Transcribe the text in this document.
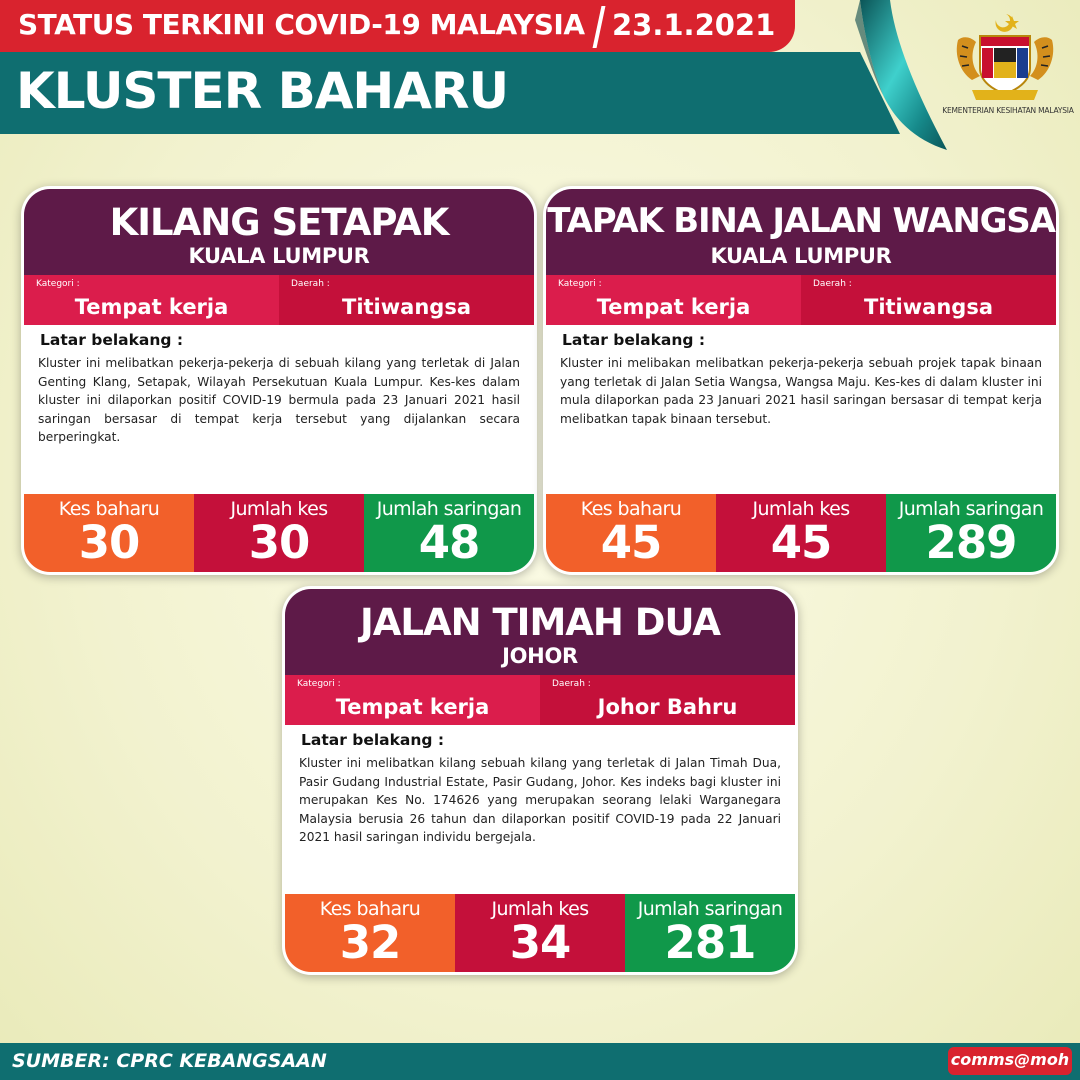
STATUS TERKINI COVID-19 MALAYSIA 23.1.2021
KLUSTER BAHARU	KEMENTERIAN KESIHATAN MALAYSIA
KILANG SETAPAK
KUALA LUMPUR
Kategori :
Tempat kerja
Daerah :
Titiwangsa
Latar belakang :
Kluster ini melibatkan pekerja-pekerja di sebuah kilang yang terletak di Jalan Genting Klang, Setapak, Wilayah Persekutuan Kuala Lumpur. Kes-kes dalam kluster ini dilaporkan positif COVID-19 bermula pada 23 Januari 2021 hasil saringan bersasar di tempat kerja tersebut yang dijalankan secara berperingkat.
Kes baharu
30
Jumlah kes
30
Jumlah saringan
48
TAPAK BINA JALAN WANGSA
KUALA LUMPUR
Kategori :
Tempat kerja
Daerah :
Titiwangsa
Latar belakang :
Kluster ini melibakan melibatkan pekerja-pekerja sebuah projek tapak binaan yang terletak di Jalan Setia Wangsa, Wangsa Maju. Kes-kes di dalam kluster ini mula dilaporkan pada 23 Januari 2021 hasil saringan bersasar di tempat kerja melibatkan tapak binaan tersebut.
Kes baharu
45
Jumlah kes
45
Jumlah saringan
289
JALAN TIMAH DUA
JOHOR
Kategori :
Tempat kerja
Daerah :
Johor Bahru
Latar belakang :
Kluster ini melibatkan kilang sebuah kilang yang terletak di Jalan Timah Dua, Pasir Gudang Industrial Estate, Pasir Gudang, Johor. Kes indeks bagi kluster ini merupakan Kes No. 174626 yang merupakan seorang lelaki Warganegara Malaysia berusia 26 tahun dan dilaporkan positif COVID-19 pada 22 Januari 2021 hasil saringan individu bergejala.
Kes baharu
32
Jumlah kes
34
Jumlah saringan
281
SUMBER: CPRC KEBANGSAAN	comms@moh
